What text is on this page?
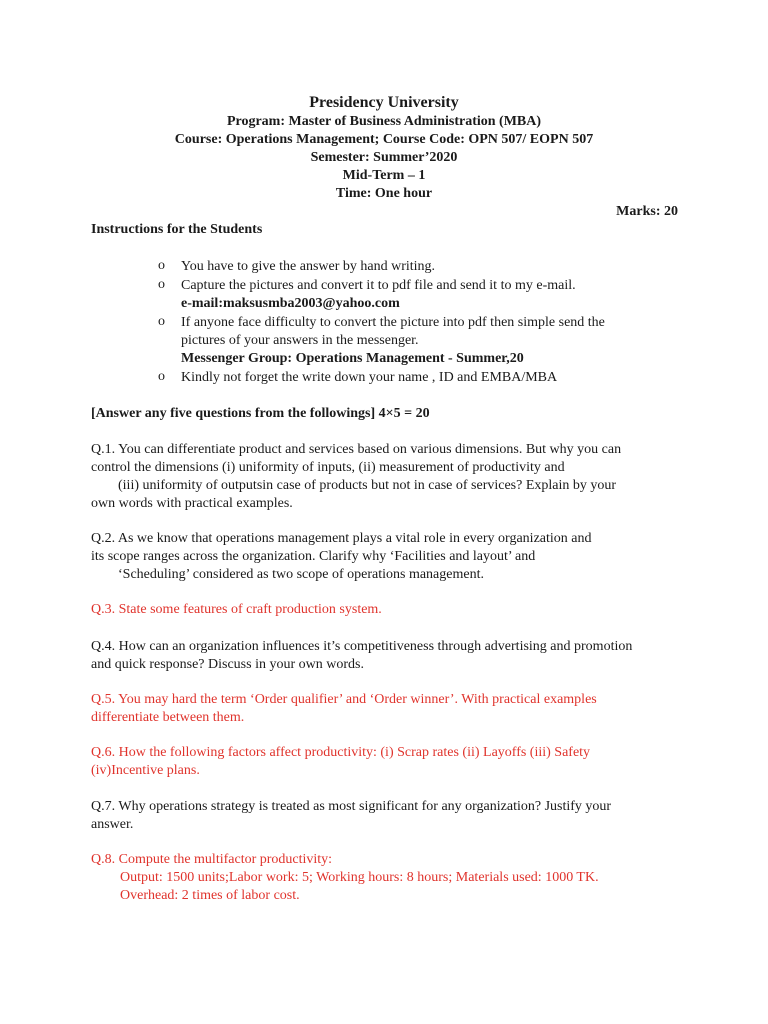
Presidency University
Program: Master of Business Administration (MBA)
Course: Operations Management; Course Code: OPN 507/ EOPN 507
Semester: Summer’2020
Mid-Term – 1
Time: One hour
Marks: 20
Instructions for the Students
o You have to give the answer by hand writing.
o Capture the pictures and convert it to pdf file and send it to my e-mail.
e-mail:maksusmba2003@yahoo.com
o If anyone face difficulty to convert the picture into pdf then simple send the
pictures of your answers in the messenger.
Messenger Group: Operations Management - Summer,20
o Kindly not forget the write down your name , ID and EMBA/MBA
[Answer any five questions from the followings] 4×5 = 20
Q.1. You can differentiate product and services based on various dimensions. But why you can
control the dimensions (i) uniformity of inputs, (ii) measurement of productivity and
(iii) uniformity of outputsin case of products but not in case of services? Explain by your
own words with practical examples.
Q.2. As we know that operations management plays a vital role in every organization and
its scope ranges across the organization. Clarify why ‘Facilities and layout’ and
‘Scheduling’ considered as two scope of operations management.
Q.3. State some features of craft production system.
Q.4. How can an organization influences it’s competitiveness through advertising and promotion
and quick response? Discuss in your own words.
Q.5. You may hard the term ‘Order qualifier’ and ‘Order winner’. With practical examples
differentiate between them.
Q.6. How the following factors affect productivity: (i) Scrap rates (ii) Layoffs (iii) Safety
(iv)Incentive plans.
Q.7. Why operations strategy is treated as most significant for any organization? Justify your
answer.
Q.8. Compute the multifactor productivity:
Output: 1500 units;Labor work: 5; Working hours: 8 hours; Materials used: 1000 TK.
Overhead: 2 times of labor cost.
